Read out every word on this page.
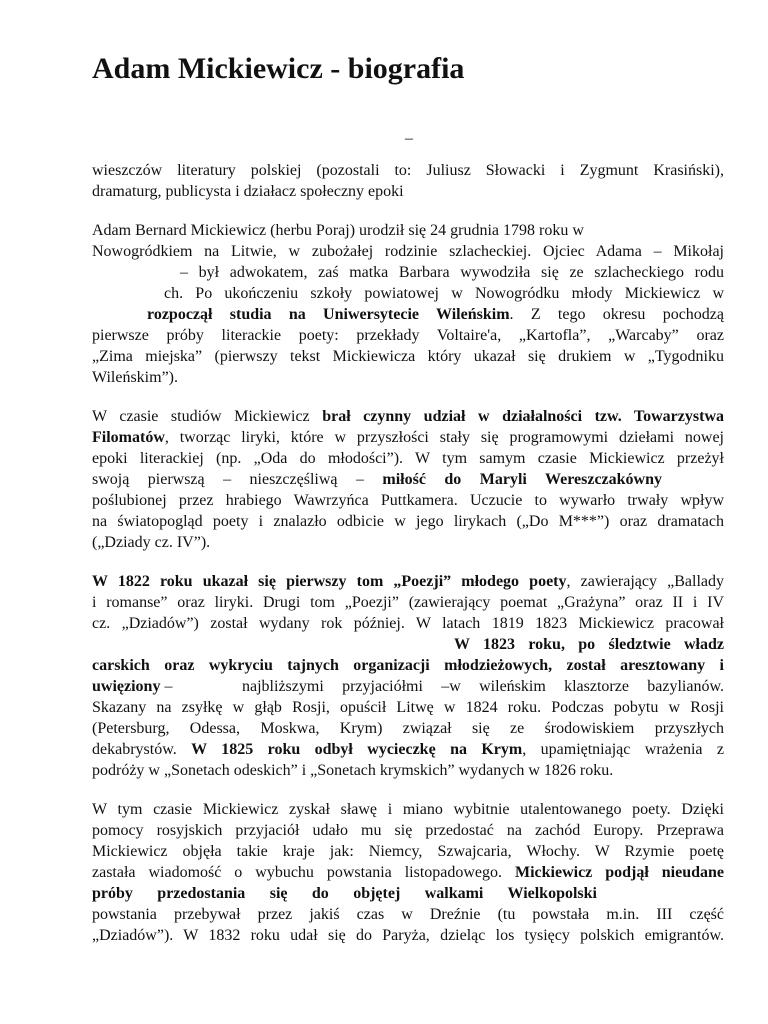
Adam Mickiewicz - biografia
–
wieszczów literatury polskiej (pozostali to: Juliusz Słowacki i Zygmunt Krasiński),
dramaturg, publicysta i działacz społeczny epoki
Adam Bernard Mickiewicz (herbu Poraj) urodził się 24 grudnia 1798 roku w
Nowogródkiem na Litwie, w zubożałej rodzinie szlacheckiej. Ojciec Adama – Mikołaj
– był adwokatem, zaś matka Barbara wywodziła się ze szlacheckiego rodu
ch. Po ukończeniu szkoły powiatowej w Nowogródku młody Mickiewicz w
rozpoczął studia na Uniwersytecie Wileńskim. Z tego okresu pochodzą
pierwsze próby literackie poety: przekłady Voltaire'a, „Kartofla”, „Warcaby” oraz
„Zima miejska” (pierwszy tekst Mickiewicza który ukazał się drukiem w „Tygodniku
Wileńskim”).
W czasie studiów Mickiewicz brał czynny udział w działalności tzw. Towarzystwa
Filomatów, tworząc liryki, które w przyszłości stały się programowymi dziełami nowej
epoki literackiej (np. „Oda do młodości”). W tym samym czasie Mickiewicz przeżył
swoją pierwszą – nieszczęśliwą – miłość do Maryli Wereszczakówny
poślubionej przez hrabiego Wawrzyńca Puttkamera. Uczucie to wywarło trwały wpływ
na światopogląd poety i znalazło odbicie w jego lirykach („Do M***”) oraz dramatach
(„Dziady cz. IV”).
W 1822 roku ukazał się pierwszy tom „Poezji” młodego poety, zawierający „Ballady
i romanse” oraz liryki. Drugi tom „Poezji” (zawierający poemat „Grażyna” oraz II i IV
cz. „Dziadów”) został wydany rok później. W latach 1819 1823 Mickiewicz pracował
W 1823 roku, po śledztwie władz
carskich oraz wykryciu tajnych organizacji młodzieżowych, został aresztowany i
uwięziony –	najbliższymi przyjaciółmi –w wileńskim klasztorze bazylianów.
Skazany na zsyłkę w głąb Rosji, opuścił Litwę w 1824 roku. Podczas pobytu w Rosji
(Petersburg, Odessa, Moskwa, Krym) związał się ze środowiskiem przyszłych
dekabrystów. W 1825 roku odbył wycieczkę na Krym, upamiętniając wrażenia z
podróży w „Sonetach odeskich” i „Sonetach krymskich” wydanych w 1826 roku.
W tym czasie Mickiewicz zyskał sławę i miano wybitnie utalentowanego poety. Dzięki
pomocy rosyjskich przyjaciół udało mu się przedostać na zachód Europy. Przeprawa
Mickiewicz objęła takie kraje jak: Niemcy, Szwajcaria, Włochy. W Rzymie poetę
zastała wiadomość o wybuchu powstania listopadowego. Mickiewicz podjął nieudane
próby przedostania się do objętej walkami Wielkopolski
powstania przebywał przez jakiś czas w Dreźnie (tu powstała m.in. III część
„Dziadów”). W 1832 roku udał się do Paryża, dzieląc los tysięcy polskich emigrantów.
